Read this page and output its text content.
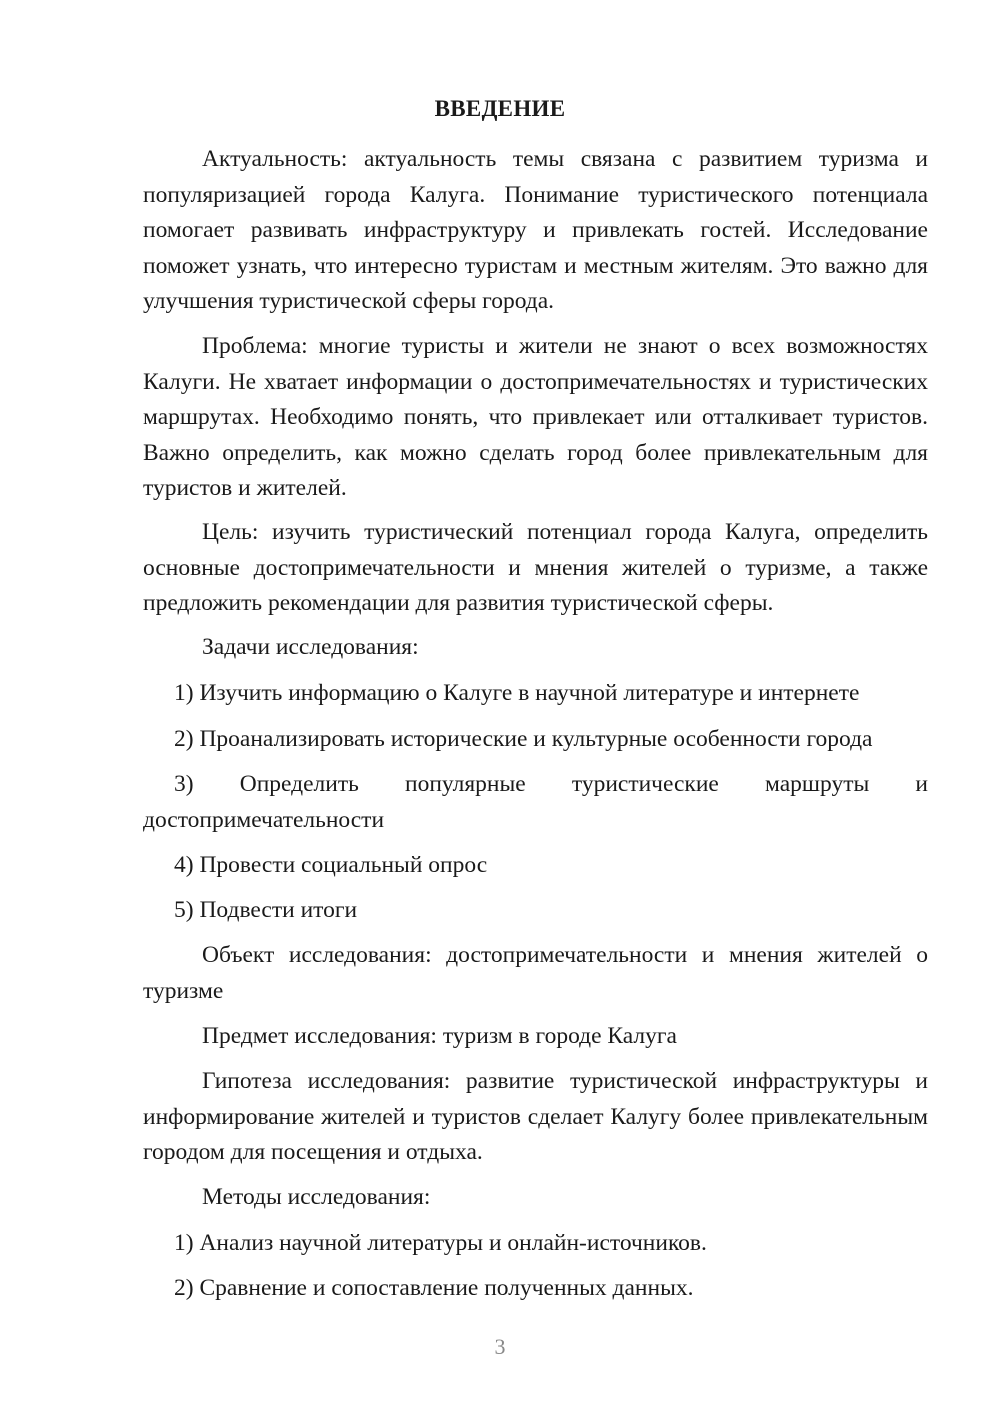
ВВЕДЕНИЕ

Актуальность: актуальность темы связана с развитием туризма и популяризацией города Калуга. Понимание туристического потенциала помогает развивать инфраструктуру и привлекать гостей. Исследование поможет узнать, что интересно туристам и местным жителям. Это важно для улучшения туристической сферы города.

Проблема: многие туристы и жители не знают о всех возможностях Калуги. Не хватает информации о достопримечательностях и туристических маршрутах. Необходимо понять, что привлекает или отталкивает туристов. Важно определить, как можно сделать город более привлекательным для туристов и жителей.

Цель: изучить туристический потенциал города Калуга, определить основные достопримечательности и мнения жителей о туризме, а также предложить рекомендации для развития туристической сферы.

Задачи исследования:

1) Изучить информацию о Калуге в научной литературе и интернете

2) Проанализировать исторические и культурные особенности города

3) Определить популярные туристические маршруты и достопримечательности

4) Провести социальный опрос

5) Подвести итоги

Объект исследования: достопримечательности и мнения жителей о туризме

Предмет исследования: туризм в городе Калуга

Гипотеза исследования: развитие туристической инфраструктуры и информирование жителей и туристов сделает Калугу более привлекательным городом для посещения и отдыха.

Методы исследования:

1) Анализ научной литературы и онлайн-источников.

2) Сравнение и сопоставление полученных данных.

3
